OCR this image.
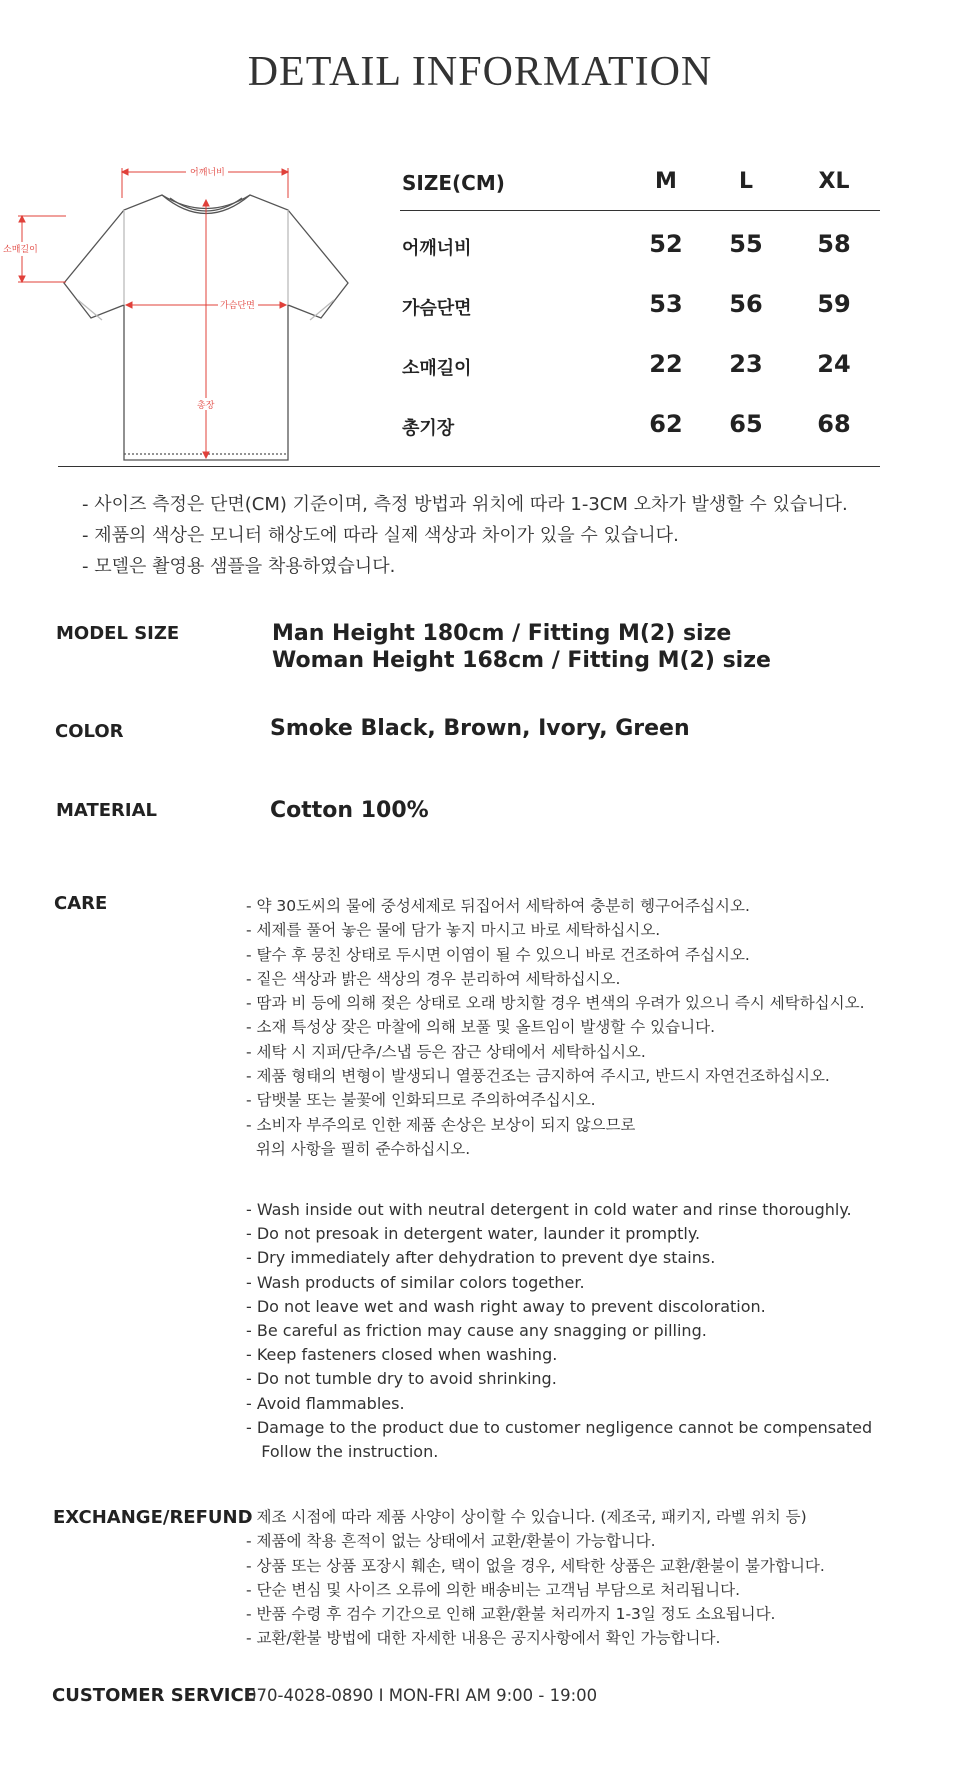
DETAIL INFORMATION
어깨너비
소매길이
가슴단면
총장
SIZE(CM)	M	L	XL
어깨너비	52	55	58
가슴단면	53	56	59
소매길이	22	23	24
총기장	62	65	68
- 사이즈 측정은 단면(CM) 기준이며, 측정 방법과 위치에 따라 1-3CM 오차가 발생할 수 있습니다.
- 제품의 색상은 모니터 해상도에 따라 실제 색상과 차이가 있을 수 있습니다.
- 모델은 촬영용 샘플을 착용하였습니다.
MODEL SIZE	Man Height 180cm / Fitting M(2) size
Woman Height 168cm / Fitting M(2) size
COLOR	Smoke Black, Brown, Ivory, Green
MATERIAL	Cotton 100%
CARE	- 약 30도씨의 물에 중성세제로 뒤집어서 세탁하여 충분히 헹구어주십시오.
- 세제를 풀어 놓은 물에 담가 놓지 마시고 바로 세탁하십시오.
- 탈수 후 뭉친 상태로 두시면 이염이 될 수 있으니 바로 건조하여 주십시오.
- 짙은 색상과 밝은 색상의 경우 분리하여 세탁하십시오.
- 땀과 비 등에 의해 젖은 상태로 오래 방치할 경우 변색의 우려가 있으니 즉시 세탁하십시오.
- 소재 특성상 잦은 마찰에 의해 보풀 및 올트임이 발생할 수 있습니다.
- 세탁 시 지퍼/단추/스냅 등은 잠근 상태에서 세탁하십시오.
- 제품 형태의 변형이 발생되니 열풍건조는 금지하여 주시고, 반드시 자연건조하십시오.
- 담뱃불 또는 불꽃에 인화되므로 주의하여주십시오.
- 소비자 부주의로 인한 제품 손상은 보상이 되지 않으므로
위의 사항을 필히 준수하십시오.
- Wash inside out with neutral detergent in cold water and rinse thoroughly.
- Do not presoak in detergent water, launder it promptly.
- Dry immediately after dehydration to prevent dye stains.
- Wash products of similar colors together.
- Do not leave wet and wash right away to prevent discoloration.
- Be careful as friction may cause any snagging or pilling.
- Keep fasteners closed when washing.
- Do not tumble dry to avoid shrinking.
- Avoid flammables.
- Damage to the product due to customer negligence cannot be compensated
Follow the instruction.
EXCHANGE/REFUND
- 제조 시점에 따라 제품 사양이 상이할 수 있습니다. (제조국, 패키지, 라벨 위치 등)
- 제품에 착용 흔적이 없는 상태에서 교환/환불이 가능합니다.
- 상품 또는 상품 포장시 훼손, 택이 없을 경우, 세탁한 상품은 교환/환불이 불가합니다.
- 단순 변심 및 사이즈 오류에 의한 배송비는 고객님 부담으로 처리됩니다.
- 반품 수령 후 검수 기간으로 인해 교환/환불 처리까지 1-3일 정도 소요됩니다.
- 교환/환불 방법에 대한 자세한 내용은 공지사항에서 확인 가능합니다.
CUSTOMER SERVICE
070-4028-0890 I MON-FRI AM 9:00 - 19:00
